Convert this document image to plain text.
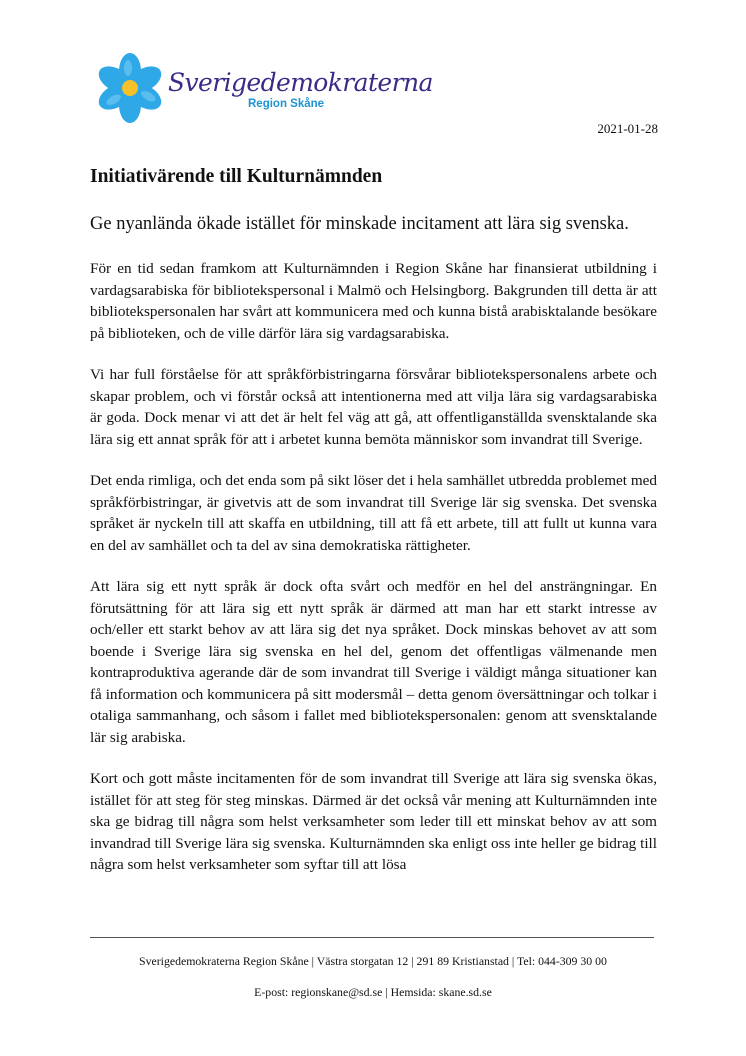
Sverigedemokraterna
Region Skåne
2021-01-28
Initiativärende till Kulturnämnden

Ge nyanlända ökade istället för minskade incitament att lära sig svenska.

För en tid sedan framkom att Kulturnämnden i Region Skåne har finansierat utbildning i vardagsarabiska för bibliotekspersonal i Malmö och Helsingborg. Bakgrunden till detta är att bibliotekspersonalen har svårt att kommunicera med och kunna bistå arabisktalande besökare på biblioteken, och de ville därför lära sig vardagsarabiska.

Vi har full förståelse för att språkförbistringarna försvårar bibliotekspersonalens arbete och skapar problem, och vi förstår också att intentionerna med att vilja lära sig vardagsarabiska är goda. Dock menar vi att det är helt fel väg att gå, att offentliganställda svensktalande ska lära sig ett annat språk för att i arbetet kunna bemöta människor som invandrat till Sverige.

Det enda rimliga, och det enda som på sikt löser det i hela samhället utbredda problemet med språkförbistringar, är givetvis att de som invandrat till Sverige lär sig svenska. Det svenska språket är nyckeln till att skaffa en utbildning, till att få ett arbete, till att fullt ut kunna vara en del av samhället och ta del av sina demokratiska rättigheter.

Att lära sig ett nytt språk är dock ofta svårt och medför en hel del ansträngningar. En förutsättning för att lära sig ett nytt språk är därmed att man har ett starkt intresse av och/eller ett starkt behov av att lära sig det nya språket. Dock minskas behovet av att som boende i Sverige lära sig svenska en hel del, genom det offentligas välmenande men kontraproduktiva agerande där de som invandrat till Sverige i väldigt många situationer kan få information och kommunicera på sitt modersmål – detta genom översättningar och tolkar i otaliga sammanhang, och såsom i fallet med bibliotekspersonalen: genom att svensktalande lär sig arabiska.

Kort och gott måste incitamenten för de som invandrat till Sverige att lära sig svenska ökas, istället för att steg för steg minskas. Därmed är det också vår mening att Kulturnämnden inte ska ge bidrag till några som helst verksamheter som leder till ett minskat behov av att som invandrad till Sverige lära sig svenska. Kulturnämnden ska enligt oss inte heller ge bidrag till några som helst verksamheter som syftar till att lösa

Sverigedemokraterna Region Skåne | Västra storgatan 12 | 291 89 Kristianstad | Tel: 044-309 30 00
E-post: regionskane@sd.se | Hemsida: skane.sd.se
